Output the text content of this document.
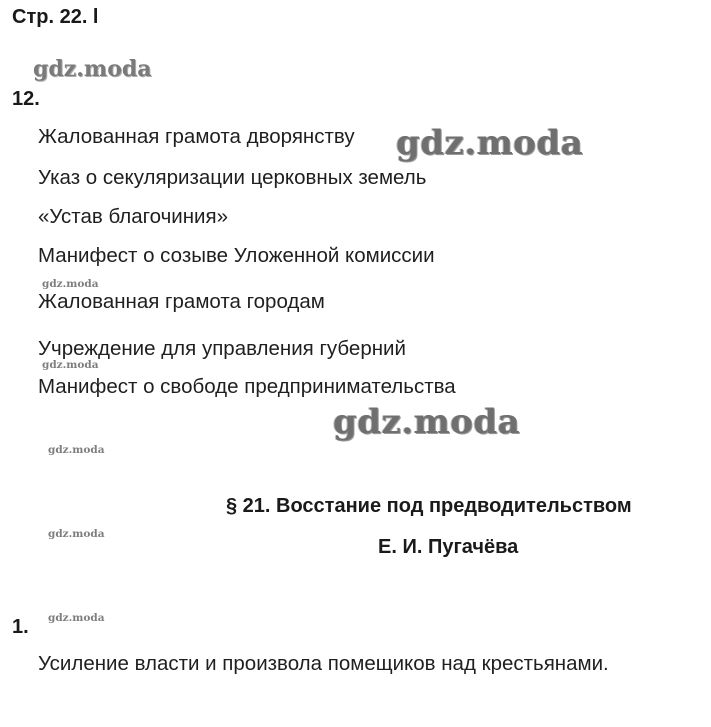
Стр. 22. l
gdz.moda
12.
Жалованная грамота дворянству gdz.moda
Указ о секуляризации церковных земель
«Устав благочиния»
Манифест о созыве Уложенной комиссии
gdz.moda
Жалованная грамота городам
Учреждение для управления губерний
gdz.moda
Манифест о свободе предпринимательства
gdz.moda
gdz.moda
§ 21. Восстание под предводительством
gdz.moda
Е. И. Пугачёва
1. gdz.moda
Усиление власти и произвола помещиков над крестьянами.
